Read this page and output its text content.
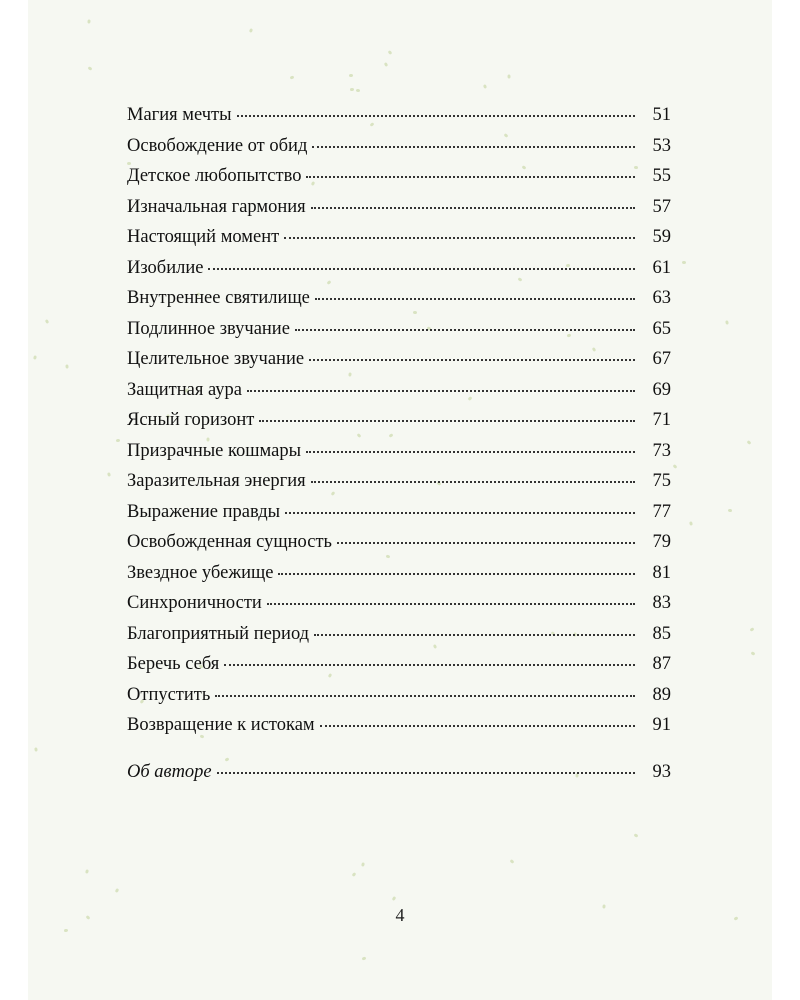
Магия мечты	51
Освобождение от обид	53
Детское любопытство	55
Изначальная гармония	57
Настоящий момент	59
Изобилие	61
Внутреннее святилище	63
Подлинное звучание	65
Целительное звучание	67
Защитная аура	69
Ясный горизонт	71
Призрачные кошмары	73
Заразительная энергия	75
Выражение правды	77
Освобожденная сущность	79
Звездное убежище	81
Синхроничности	83
Благоприятный период	85
Беречь себя	87
Отпустить	89
Возвращение к истокам	91
Об авторе	93
4
